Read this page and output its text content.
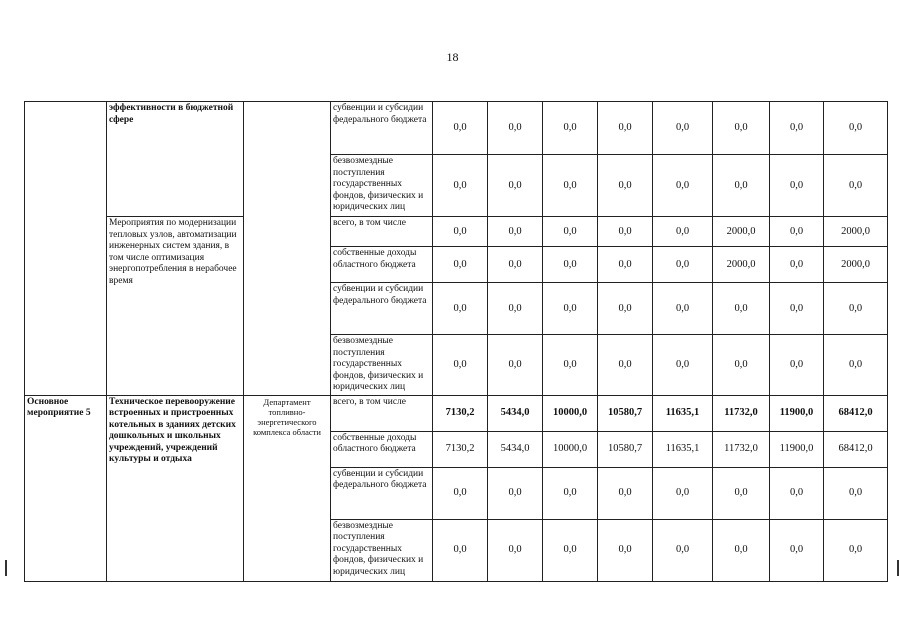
18
	эффективности в бюджетной сфере		субвенции и субсидии федерального бюджета	0,0	0,0	0,0	0,0	0,0	0,0	0,0	0,0
			безвозмездные поступления государственных фондов, физических и юридических лиц	0,0	0,0	0,0	0,0	0,0	0,0	0,0	0,0
	Мероприятия по модернизации тепловых узлов, автоматизации инженерных систем здания, в том числе оптимизация энергопотребления в нерабочее время		всего, в том числе	0,0	0,0	0,0	0,0	0,0	2000,0	0,0	2000,0
			собственные доходы областного бюджета	0,0	0,0	0,0	0,0	0,0	2000,0	0,0	2000,0
			субвенции и субсидии федерального бюджета	0,0	0,0	0,0	0,0	0,0	0,0	0,0	0,0
			безвозмездные поступления государственных фондов, физических и юридических лиц	0,0	0,0	0,0	0,0	0,0	0,0	0,0	0,0
Основное мероприятие 5	Техническое перевооружение встроенных и пристроенных котельных в зданиях детских дошкольных и школьных учреждений, учреждений культуры и отдыха	Департамент топливно-энергетического комплекса области	всего, в том числе	7130,2	5434,0	10000,0	10580,7	11635,1	11732,0	11900,0	68412,0
			собственные доходы областного бюджета	7130,2	5434,0	10000,0	10580,7	11635,1	11732,0	11900,0	68412,0
			субвенции и субсидии федерального бюджета	0,0	0,0	0,0	0,0	0,0	0,0	0,0	0,0
			безвозмездные поступления государственных фондов, физических и юридических лиц	0,0	0,0	0,0	0,0	0,0	0,0	0,0	0,0
